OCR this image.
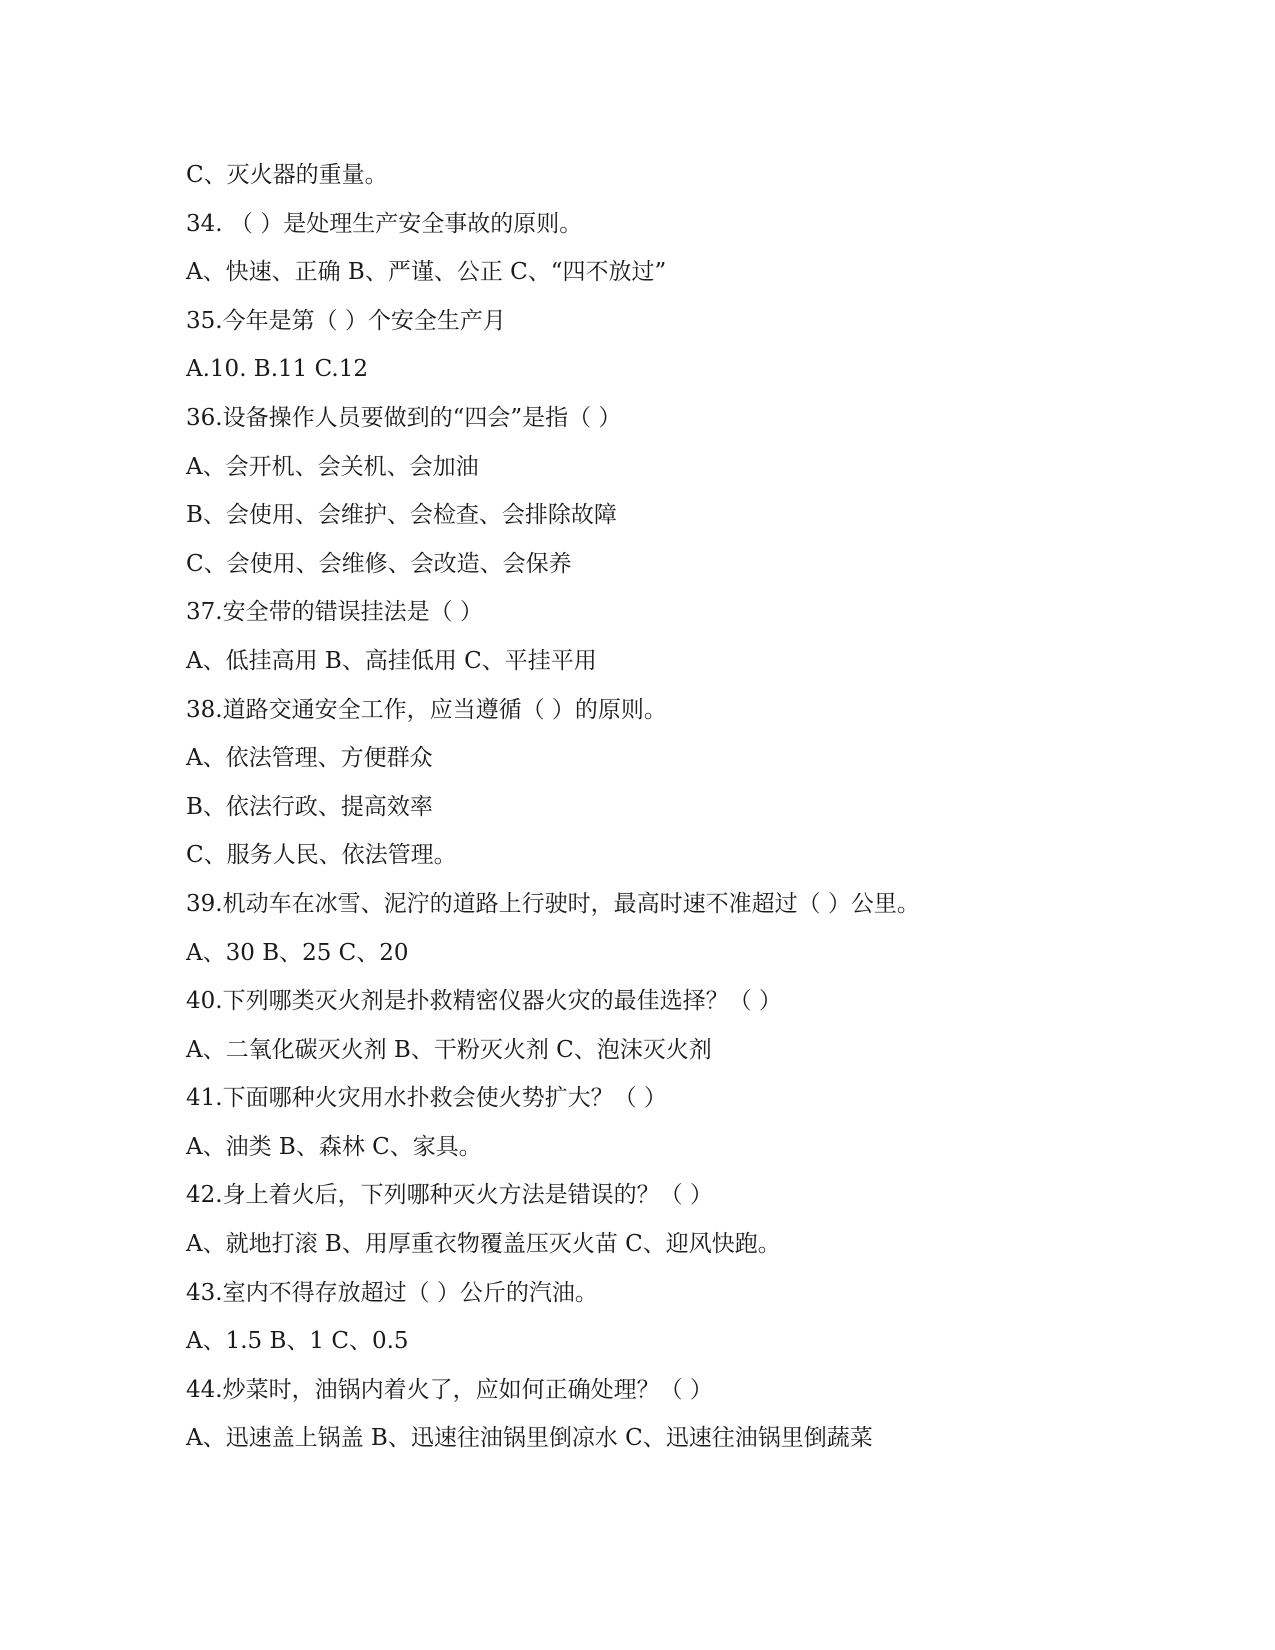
C、灭火器的重量。
34. （ ）是处理生产安全事故的原则。
A、快速、正确 B、严谨、公正 C、“四不放过”
35.今年是第（ ）个安全生产月
A.10. B.11 C.12
36.设备操作人员要做到的“四会”是指（ ）
A、会开机、会关机、会加油
B、会使用、会维护、会检查、会排除故障
C、会使用、会维修、会改造、会保养
37.安全带的错误挂法是（ ）
A、低挂高用 B、高挂低用 C、平挂平用
38.道路交通安全工作，应当遵循（ ）的原则。
A、依法管理、方便群众
B、依法行政、提高效率
C、服务人民、依法管理。
39.机动车在冰雪、泥泞的道路上行驶时，最高时速不准超过（ ）公里。
A、30 B、25 C、20
40.下列哪类灭火剂是扑救精密仪器火灾的最佳选择？（ ）
A、二氧化碳灭火剂 B、干粉灭火剂 C、泡沫灭火剂
41.下面哪种火灾用水扑救会使火势扩大？（ ）
A、油类 B、森林 C、家具。
42.身上着火后，下列哪种灭火方法是错误的？（ ）
A、就地打滚 B、用厚重衣物覆盖压灭火苗 C、迎风快跑。
43.室内不得存放超过（ ）公斤的汽油。
A、1.5 B、1 C、0.5
44.炒菜时，油锅内着火了，应如何正确处理？（ ）
A、迅速盖上锅盖 B、迅速往油锅里倒凉水 C、迅速往油锅里倒蔬菜
